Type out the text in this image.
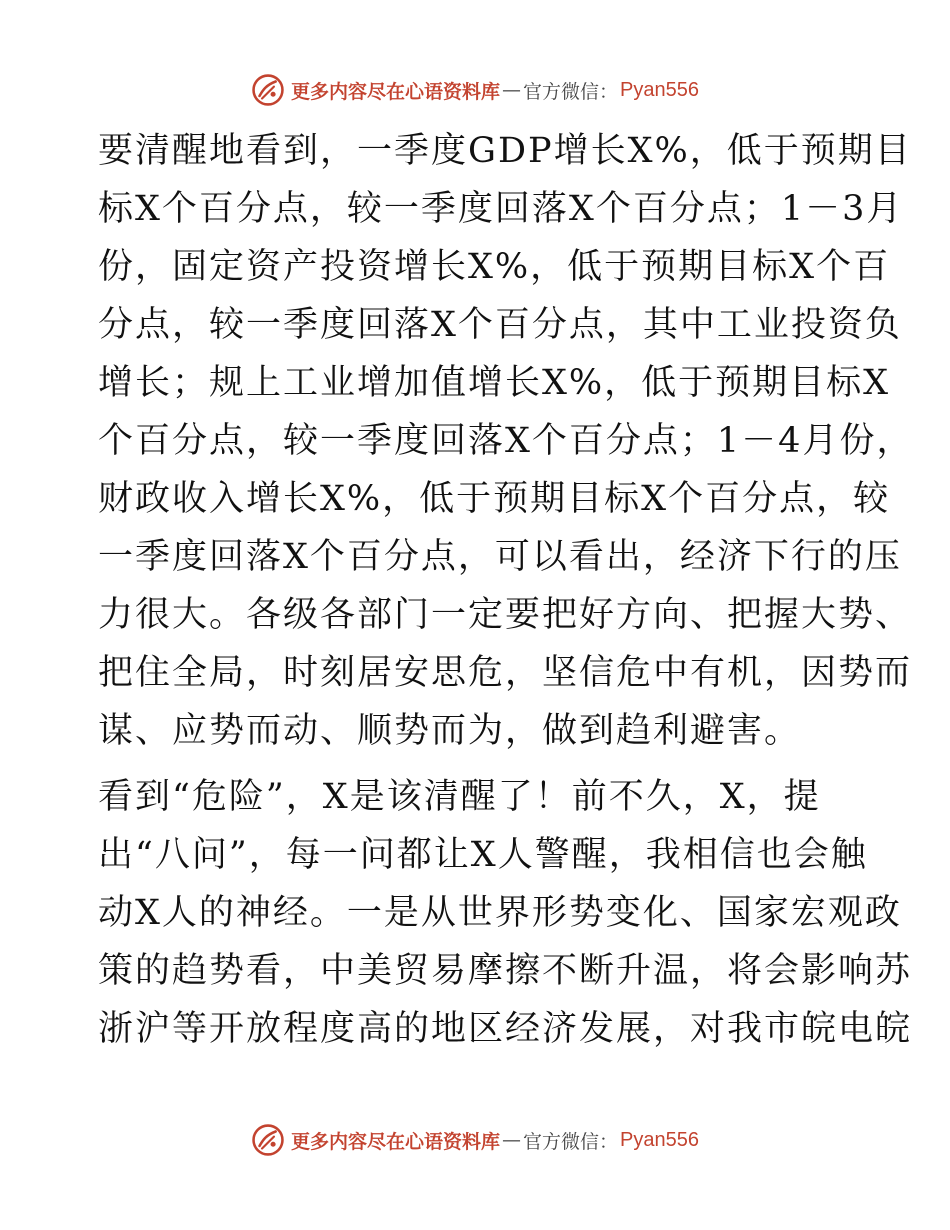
更多内容尽在心语资料库 — 官方微信： Pyan556

要清醒地看到，一季度GDP增长X%，低于预期目
标X个百分点，较一季度回落X个百分点；1－3月
份，固定资产投资增长X%，低于预期目标X个百
分点，较一季度回落X个百分点，其中工业投资负
增长；规上工业增加值增长X%，低于预期目标X
个百分点，较一季度回落X个百分点；1－4月份，
财政收入增长X%，低于预期目标X个百分点，较
一季度回落X个百分点，可以看出，经济下行的压
力很大。各级各部门一定要把好方向、把握大势、
把住全局，时刻居安思危，坚信危中有机，因势而
谋、应势而动、顺势而为，做到趋利避害。

看到“危险”，X是该清醒了！前不久，X，提
出“八问”，每一问都让X人警醒，我相信也会触
动X人的神经。一是从世界形势变化、国家宏观政
策的趋势看，中美贸易摩擦不断升温，将会影响苏
浙沪等开放程度高的地区经济发展，对我市皖电皖

更多内容尽在心语资料库 — 官方微信： Pyan556
